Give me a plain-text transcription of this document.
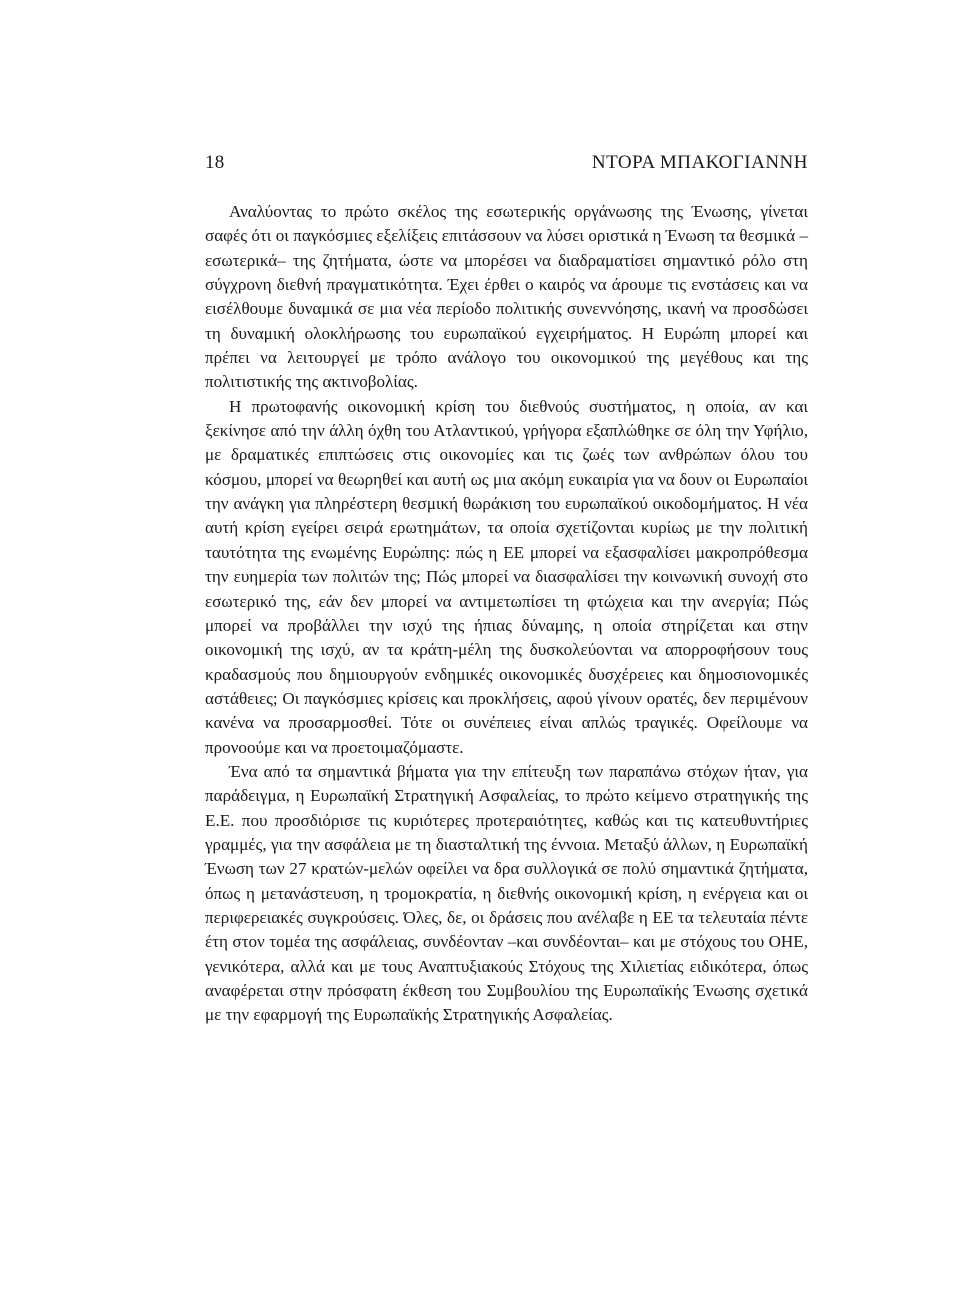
18	ΝΤΟΡΑ ΜΠΑΚΟΓΙΑΝΝΗ

Αναλύοντας το πρώτο σκέλος της εσωτερικής οργάνωσης της Ένωσης, γίνεται σαφές ότι οι παγκόσμιες εξελίξεις επιτάσσουν να λύσει οριστικά η Ένωση τα θεσμικά –εσωτερικά– της ζητήματα, ώστε να μπορέσει να διαδραματίσει σημαντικό ρόλο στη σύγχρονη διεθνή πραγματικότητα. Έχει έρθει ο καιρός να άρουμε τις ενστάσεις και να εισέλθουμε δυναμικά σε μια νέα περίοδο πολιτικής συνεννόησης, ικανή να προσδώσει τη δυναμική ολοκλήρωσης του ευρωπαϊκού εγχειρήματος. Η Ευρώπη μπορεί και πρέπει να λειτουργεί με τρόπο ανάλογο του οικονομικού της μεγέθους και της πολιτιστικής της ακτινοβολίας.

Η πρωτοφανής οικονομική κρίση του διεθνούς συστήματος, η οποία, αν και ξεκίνησε από την άλλη όχθη του Ατλαντικού, γρήγορα εξαπλώθηκε σε όλη την Υφήλιο, με δραματικές επιπτώσεις στις οικονομίες και τις ζωές των ανθρώπων όλου του κόσμου, μπορεί να θεωρηθεί και αυτή ως μια ακόμη ευκαιρία για να δουν οι Ευρωπαίοι την ανάγκη για πληρέστερη θεσμική θωράκιση του ευρωπαϊκού οικοδομήματος. Η νέα αυτή κρίση εγείρει σειρά ερωτημάτων, τα οποία σχετίζονται κυρίως με την πολιτική ταυτότητα της ενωμένης Ευρώπης: πώς η ΕΕ μπορεί να εξασφαλίσει μακροπρόθεσμα την ευημερία των πολιτών της; Πώς μπορεί να διασφαλίσει την κοινωνική συνοχή στο εσωτερικό της, εάν δεν μπορεί να αντιμετωπίσει τη φτώχεια και την ανεργία; Πώς μπορεί να προβάλλει την ισχύ της ήπιας δύναμης, η οποία στηρίζεται και στην οικονομική της ισχύ, αν τα κράτη-μέλη της δυσκολεύονται να απορροφήσουν τους κραδασμούς που δημιουργούν ενδημικές οικονομικές δυσχέρειες και δημοσιονομικές αστάθειες; Οι παγκόσμιες κρίσεις και προκλήσεις, αφού γίνουν ορατές, δεν περιμένουν κανένα να προσαρμοσθεί. Τότε οι συνέπειες είναι απλώς τραγικές. Οφείλουμε να προνοούμε και να προετοιμαζόμαστε.

Ένα από τα σημαντικά βήματα για την επίτευξη των παραπάνω στόχων ήταν, για παράδειγμα, η Ευρωπαϊκή Στρατηγική Ασφαλείας, το πρώτο κείμενο στρατηγικής της Ε.Ε. που προσδιόρισε τις κυριότερες προτεραιότητες, καθώς και τις κατευθυντήριες γραμμές, για την ασφάλεια με τη διασταλτική της έννοια. Μεταξύ άλλων, η Ευρωπαϊκή Ένωση των 27 κρατών-μελών οφείλει να δρα συλλογικά σε πολύ σημαντικά ζητήματα, όπως η μετανάστευση, η τρομοκρατία, η διεθνής οικονομική κρίση, η ενέργεια και οι περιφερειακές συγκρούσεις. Όλες, δε, οι δράσεις που ανέλαβε η ΕΕ τα τελευταία πέντε έτη στον τομέα της ασφάλειας, συνδέονταν –και συνδέονται– και με στόχους του ΟΗΕ, γενικότερα, αλλά και με τους Αναπτυξιακούς Στόχους της Χιλιετίας ειδικότερα, όπως αναφέρεται στην πρόσφατη έκθεση του Συμβουλίου της Ευρωπαϊκής Ένωσης σχετικά με την εφαρμογή της Ευρωπαϊκής Στρατηγικής Ασφαλείας.
